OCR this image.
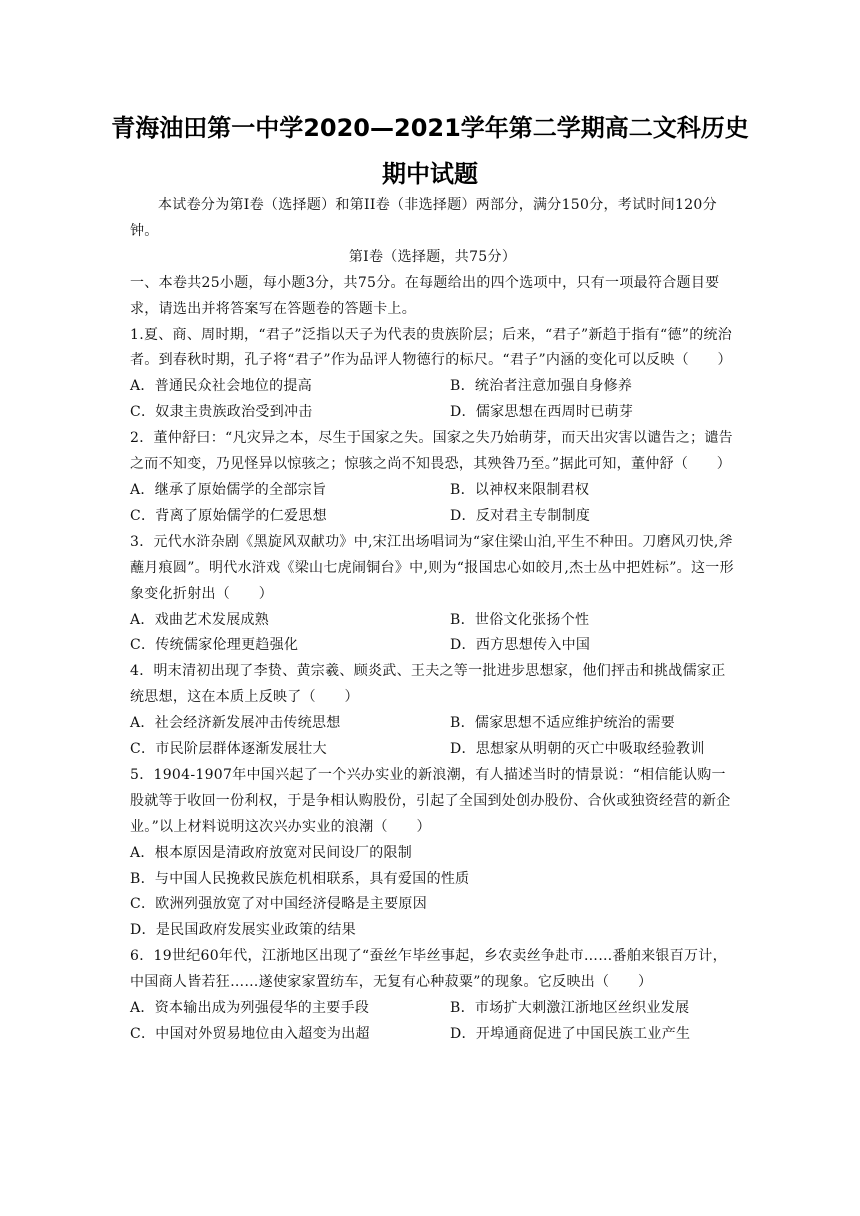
青海油田第一中学2020—2021学年第二学期高二文科历史
期中试题

本试卷分为第I卷（选择题）和第II卷（非选择题）两部分，满分150分，考试时间120分钟。

第Ⅰ卷（选择题，共75分）

一、本卷共25小题，每小题3分，共75分。在每题给出的四个选项中，只有一项最符合题目要求，请选出并将答案写在答题卷的答题卡上。

1.夏、商、周时期，“君子”泛指以天子为代表的贵族阶层；后来，“君子”新趋于指有“德”的统治者。到春秋时期，孔子将“君子”作为品评人物德行的标尺。“君子”内涵的变化可以反映（　　）

A．普通民众社会地位的提高	B．统治者注意加强自身修养
C．奴隶主贵族政治受到冲击	D．儒家思想在西周时已萌芽

2．董仲舒曰：“凡灾异之本，尽生于国家之失。国家之失乃始萌芽，而天出灾害以谴告之；谴告之而不知变，乃见怪异以惊骇之；惊骇之尚不知畏恐，其殃咎乃至。”据此可知，董仲舒（　　）

A．继承了原始儒学的全部宗旨	B．以神权来限制君权
C．背离了原始儒学的仁爱思想	D．反对君主专制制度

3．元代水浒杂剧《黑旋风双献功》中,宋江出场唱词为“家住梁山泊,平生不种田。刀磨风刃快,斧蘸月痕圆”。明代水浒戏《梁山七虎闹铜台》中,则为“报国忠心如皎月,杰士丛中把姓标”。这一形象变化折射出（　　）

A．戏曲艺术发展成熟	B．世俗文化张扬个性
C．传统儒家伦理更趋强化	D．西方思想传入中国

4．明末清初出现了李贽、黄宗羲、顾炎武、王夫之等一批进步思想家，他们抨击和挑战儒家正统思想，这在本质上反映了（　　）

A．社会经济新发展冲击传统思想	B．儒家思想不适应维护统治的需要
C．市民阶层群体逐渐发展壮大	D．思想家从明朝的灭亡中吸取经验教训

5．1904-1907年中国兴起了一个兴办实业的新浪潮，有人描述当时的情景说：“相信能认购一股就等于收回一份利权，于是争相认购股份，引起了全国到处创办股份、合伙或独资经营的新企业。”以上材料说明这次兴办实业的浪潮（　　）

A．根本原因是清政府放宽对民间设厂的限制

B．与中国人民挽救民族危机相联系，具有爱国的性质

C．欧洲列强放宽了对中国经济侵略是主要原因

D．是民国政府发展实业政策的结果

6．19世纪60年代，江浙地区出现了“蚕丝乍毕丝事起，乡农卖丝争赴市……番舶来银百万计，中国商人皆若狂……遂使家家置纺车，无复有心种菽粟”的现象。它反映出（　　）

A．资本输出成为列强侵华的主要手段	B．市场扩大刺激江浙地区丝织业发展
C．中国对外贸易地位由入超变为出超	D．开埠通商促进了中国民族工业产生
